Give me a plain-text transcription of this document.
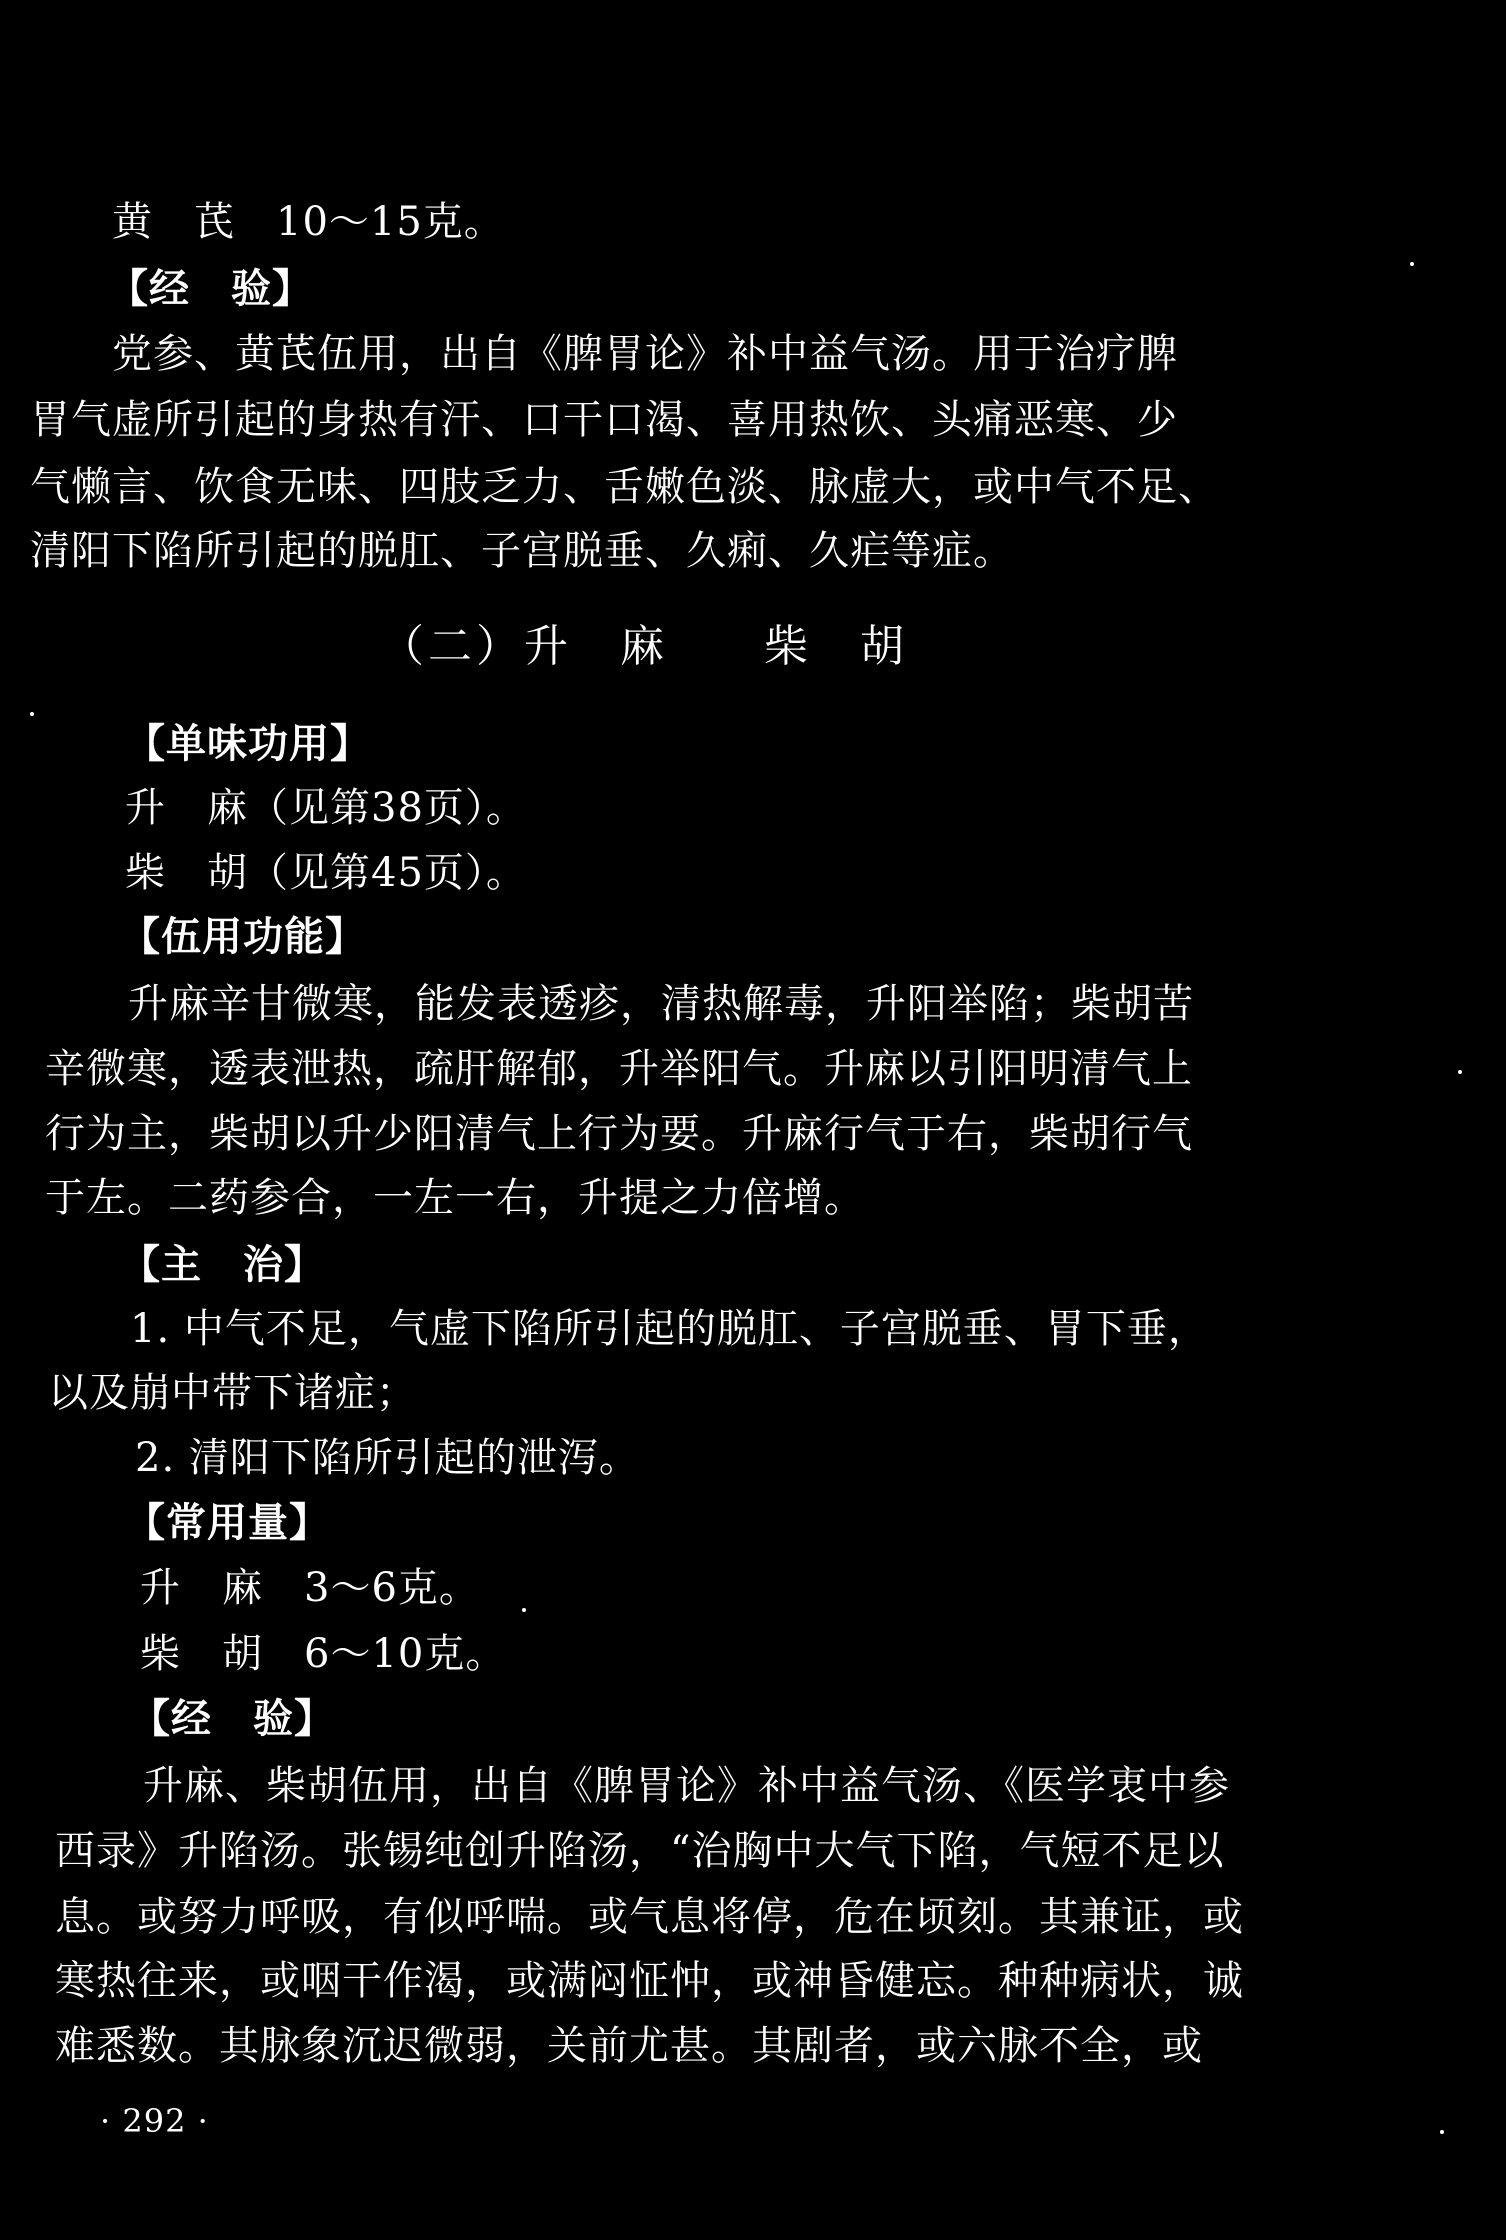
黄　芪　10～15克。
【经　验】
党参、黄芪伍用，出自《脾胃论》补中益气汤。用于治疗脾
胃气虚所引起的身热有汗、口干口渴、喜用热饮、头痛恶寒、少
气懒言、饮食无味、四肢乏力、舌嫩色淡、脉虚大，或中气不足、
清阳下陷所引起的脱肛、子宫脱垂、久痢、久疟等症。
（二）升　麻　　柴　胡
【单味功用】
升　麻（见第38页）。
柴　胡（见第45页）。
【伍用功能】
升麻辛甘微寒，能发表透疹，清热解毒，升阳举陷；柴胡苦
辛微寒，透表泄热，疏肝解郁，升举阳气。升麻以引阳明清气上
行为主，柴胡以升少阳清气上行为要。升麻行气于右，柴胡行气
于左。二药参合，一左一右，升提之力倍增。
【主　治】
1. 中气不足，气虚下陷所引起的脱肛、子宫脱垂、胃下垂，
以及崩中带下诸症；
2. 清阳下陷所引起的泄泻。
【常用量】
升　麻　3～6克。
柴　胡　6～10克。
【经　验】
升麻、柴胡伍用，出自《脾胃论》补中益气汤、《医学衷中参
西录》升陷汤。张锡纯创升陷汤，“治胸中大气下陷，气短不足以
息。或努力呼吸，有似呼喘。或气息将停，危在顷刻。其兼证，或
寒热往来，或咽干作渴，或满闷怔忡，或神昏健忘。种种病状，诚
难悉数。其脉象沉迟微弱，关前尤甚。其剧者，或六脉不全，或
· 292 ·
